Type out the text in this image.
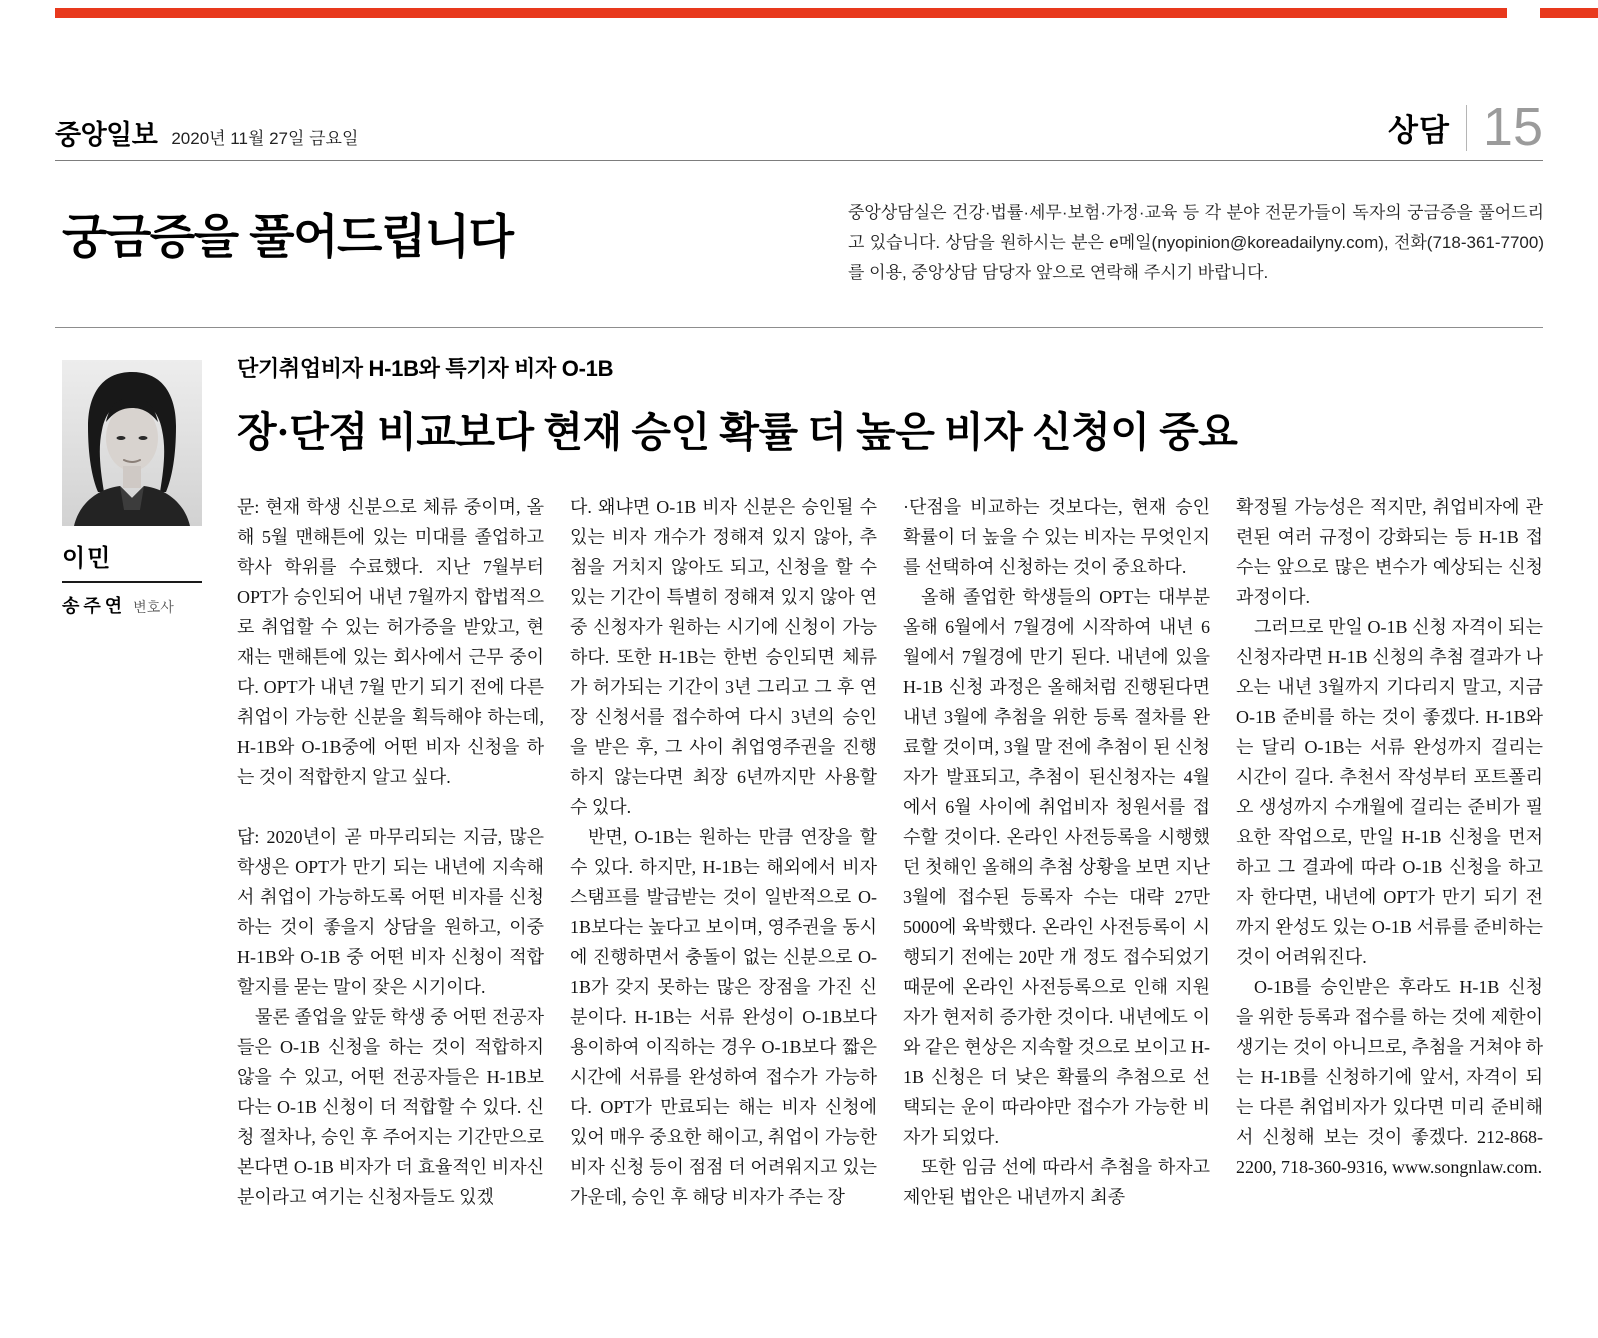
중앙일보 2020년 11월 27일 금요일	상담 15
궁금증을 풀어드립니다	중앙상담실은 건강·법률·세무·보험·가정·교육 등 각 분야 전문가들이 독자의 궁금증을 풀어드리고 있습니다. 상담을 원하시는 분은 e메일(nyopinion@koreadailyny.com), 전화(718-361-7700)를 이용, 중앙상담 담당자 앞으로 연락해 주시기 바랍니다.
이민
송주연 변호사
단기취업비자 H-1B와 특기자 비자 O-1B
장·단점 비교보다 현재 승인 확률 더 높은 비자 신청이 중요

문: 현재 학생 신분으로 체류 중이며, 올해 5월 맨해튼에 있는 미대를 졸업하고 학사 학위를 수료했다. 지난 7월부터 OPT가 승인되어 내년 7월까지 합법적으로 취업할 수 있는 허가증을 받았고, 현재는 맨해튼에 있는 회사에서 근무 중이다. OPT가 내년 7월 만기 되기 전에 다른 취업이 가능한 신분을 획득해야 하는데, H-1B와 O-1B중에 어떤 비자 신청을 하는 것이 적합한지 알고 싶다.

답: 2020년이 곧 마무리되는 지금, 많은 학생은 OPT가 만기 되는 내년에 지속해서 취업이 가능하도록 어떤 비자를 신청하는 것이 좋을지 상담을 원하고, 이중 H-1B와 O-1B 중 어떤 비자 신청이 적합할지를 묻는 말이 잦은 시기이다.

물론 졸업을 앞둔 학생 중 어떤 전공자들은 O-1B 신청을 하는 것이 적합하지 않을 수 있고, 어떤 전공자들은 H-1B보다는 O-1B 신청이 더 적합할 수 있다. 신청 절차나, 승인 후 주어지는 기간만으로 본다면 O-1B 비자가 더 효율적인 비자신분이라고 여기는 신청자들도 있겠

다. 왜냐면 O-1B 비자 신분은 승인될 수 있는 비자 개수가 정해져 있지 않아, 추첨을 거치지 않아도 되고, 신청을 할 수 있는 기간이 특별히 정해져 있지 않아 연중 신청자가 원하는 시기에 신청이 가능하다. 또한 H-1B는 한번 승인되면 체류가 허가되는 기간이 3년 그리고 그 후 연장 신청서를 접수하여 다시 3년의 승인을 받은 후, 그 사이 취업영주권을 진행하지 않는다면 최장 6년까지만 사용할 수 있다.

반면, O-1B는 원하는 만큼 연장을 할 수 있다. 하지만, H-1B는 해외에서 비자 스탬프를 발급받는 것이 일반적으로 O-1B보다는 높다고 보이며, 영주권을 동시에 진행하면서 충돌이 없는 신분으로 O-1B가 갖지 못하는 많은 장점을 가진 신분이다. H-1B는 서류 완성이 O-1B보다 용이하여 이직하는 경우 O-1B보다 짧은 시간에 서류를 완성하여 접수가 가능하다. OPT가 만료되는 해는 비자 신청에 있어 매우 중요한 해이고, 취업이 가능한 비자 신청 등이 점점 더 어려워지고 있는 가운데, 승인 후 해당 비자가 주는 장

·단점을 비교하는 것보다는, 현재 승인 확률이 더 높을 수 있는 비자는 무엇인지를 선택하여 신청하는 것이 중요하다.

올해 졸업한 학생들의 OPT는 대부분 올해 6월에서 7월경에 시작하여 내년 6월에서 7월경에 만기 된다. 내년에 있을 H-1B 신청 과정은 올해처럼 진행된다면 내년 3월에 추첨을 위한 등록 절차를 완료할 것이며, 3월 말 전에 추첨이 된 신청자가 발표되고, 추첨이 된신청자는 4월에서 6월 사이에 취업비자 청원서를 접수할 것이다. 온라인 사전등록을 시행했던 첫해인 올해의 추첨 상황을 보면 지난 3월에 접수된 등록자 수는 대략 27만5000에 육박했다. 온라인 사전등록이 시행되기 전에는 20만 개 정도 접수되었기 때문에 온라인 사전등록으로 인해 지원자가 현저히 증가한 것이다. 내년에도 이와 같은 현상은 지속할 것으로 보이고 H-1B 신청은 더 낮은 확률의 추첨으로 선택되는 운이 따라야만 접수가 가능한 비자가 되었다.

또한 임금 선에 따라서 추첨을 하자고 제안된 법안은 내년까지 최종

확정될 가능성은 적지만, 취업비자에 관련된 여러 규정이 강화되는 등 H-1B 접수는 앞으로 많은 변수가 예상되는 신청과정이다.

그러므로 만일 O-1B 신청 자격이 되는 신청자라면 H-1B 신청의 추첨 결과가 나오는 내년 3월까지 기다리지 말고, 지금 O-1B 준비를 하는 것이 좋겠다. H-1B와는 달리 O-1B는 서류 완성까지 걸리는 시간이 길다. 추천서 작성부터 포트폴리오 생성까지 수개월에 걸리는 준비가 필요한 작업으로, 만일 H-1B 신청을 먼저하고 그 결과에 따라 O-1B 신청을 하고자 한다면, 내년에 OPT가 만기 되기 전까지 완성도 있는 O-1B 서류를 준비하는 것이 어려워진다.

O-1B를 승인받은 후라도 H-1B 신청을 위한 등록과 접수를 하는 것에 제한이 생기는 것이 아니므로, 추첨을 거쳐야 하는 H-1B를 신청하기에 앞서, 자격이 되는 다른 취업비자가 있다면 미리 준비해서 신청해 보는 것이 좋겠다. 212-868-2200, 718-360-9316, www.songnlaw.com.
